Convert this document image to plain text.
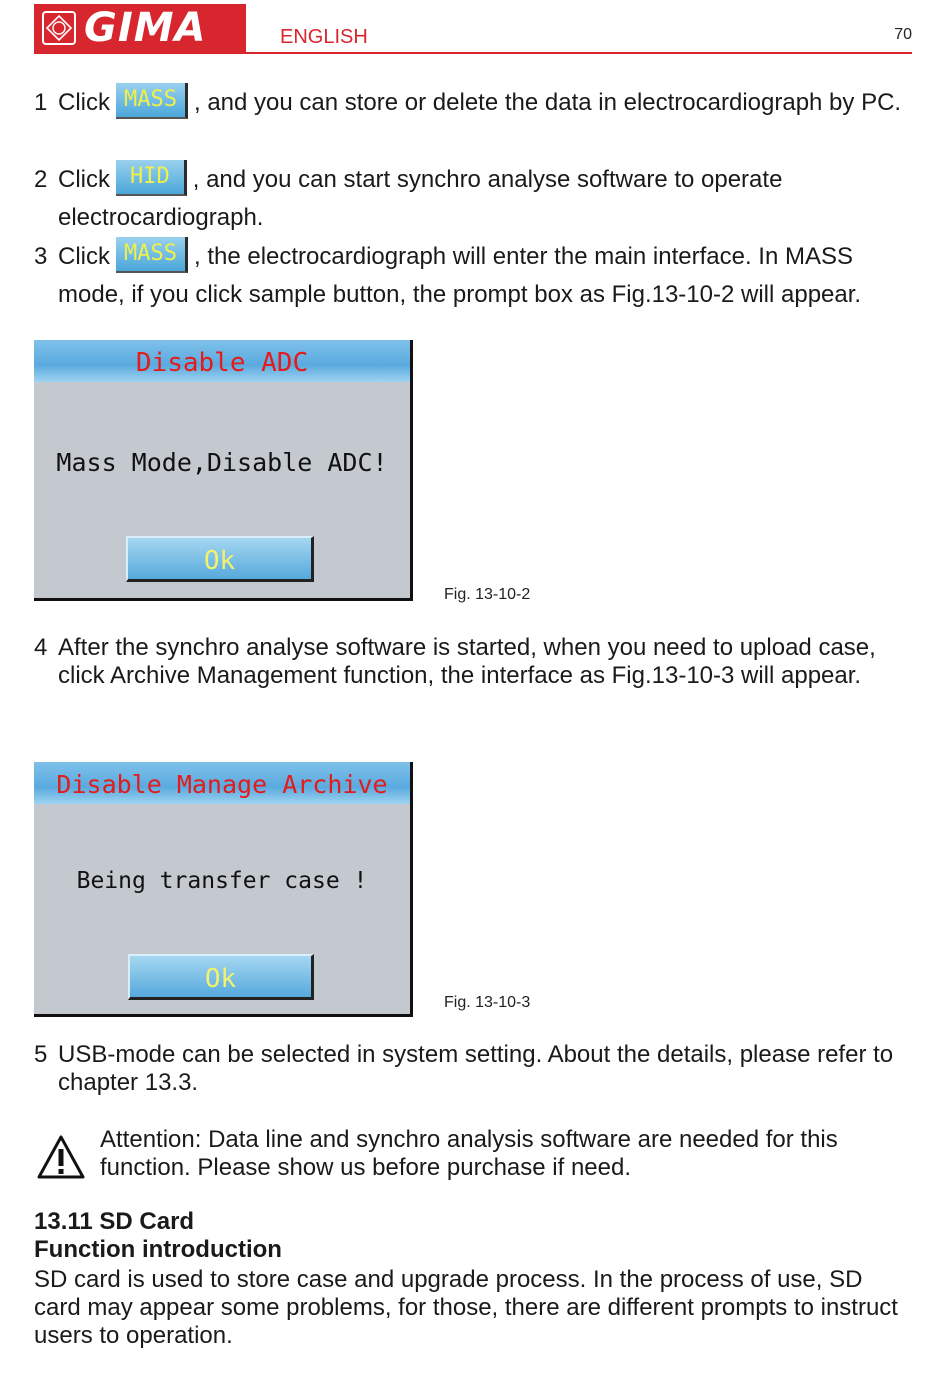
GIMA	ENGLISH	70
1 Click MASS , and you can store or delete the data in electrocardiograph by PC.
2 Click HID , and you can start synchro analyse software to operate electrocardiograph.
3 Click MASS , the electrocardiograph will enter the main interface. In MASS mode, if you click sample button, the prompt box as Fig.13-10-2 will appear.
Disable ADC
Mass Mode,Disable ADC!
Ok
Fig. 13-10-2
4 After the synchro analyse software is started, when you need to upload case, click Archive Management function, the interface as Fig.13-10-3 will appear.
Disable Manage Archive
Being transfer case !
Ok
Fig. 13-10-3
5 USB-mode can be selected in system setting. About the details, please refer to chapter 13.3.
Attention: Data line and synchro analysis software are needed for this function. Please show us before purchase if need.
13.11 SD Card
Function introduction
SD card is used to store case and upgrade process. In the process of use, SD card may appear some problems, for those, there are different prompts to instruct users to operation.
